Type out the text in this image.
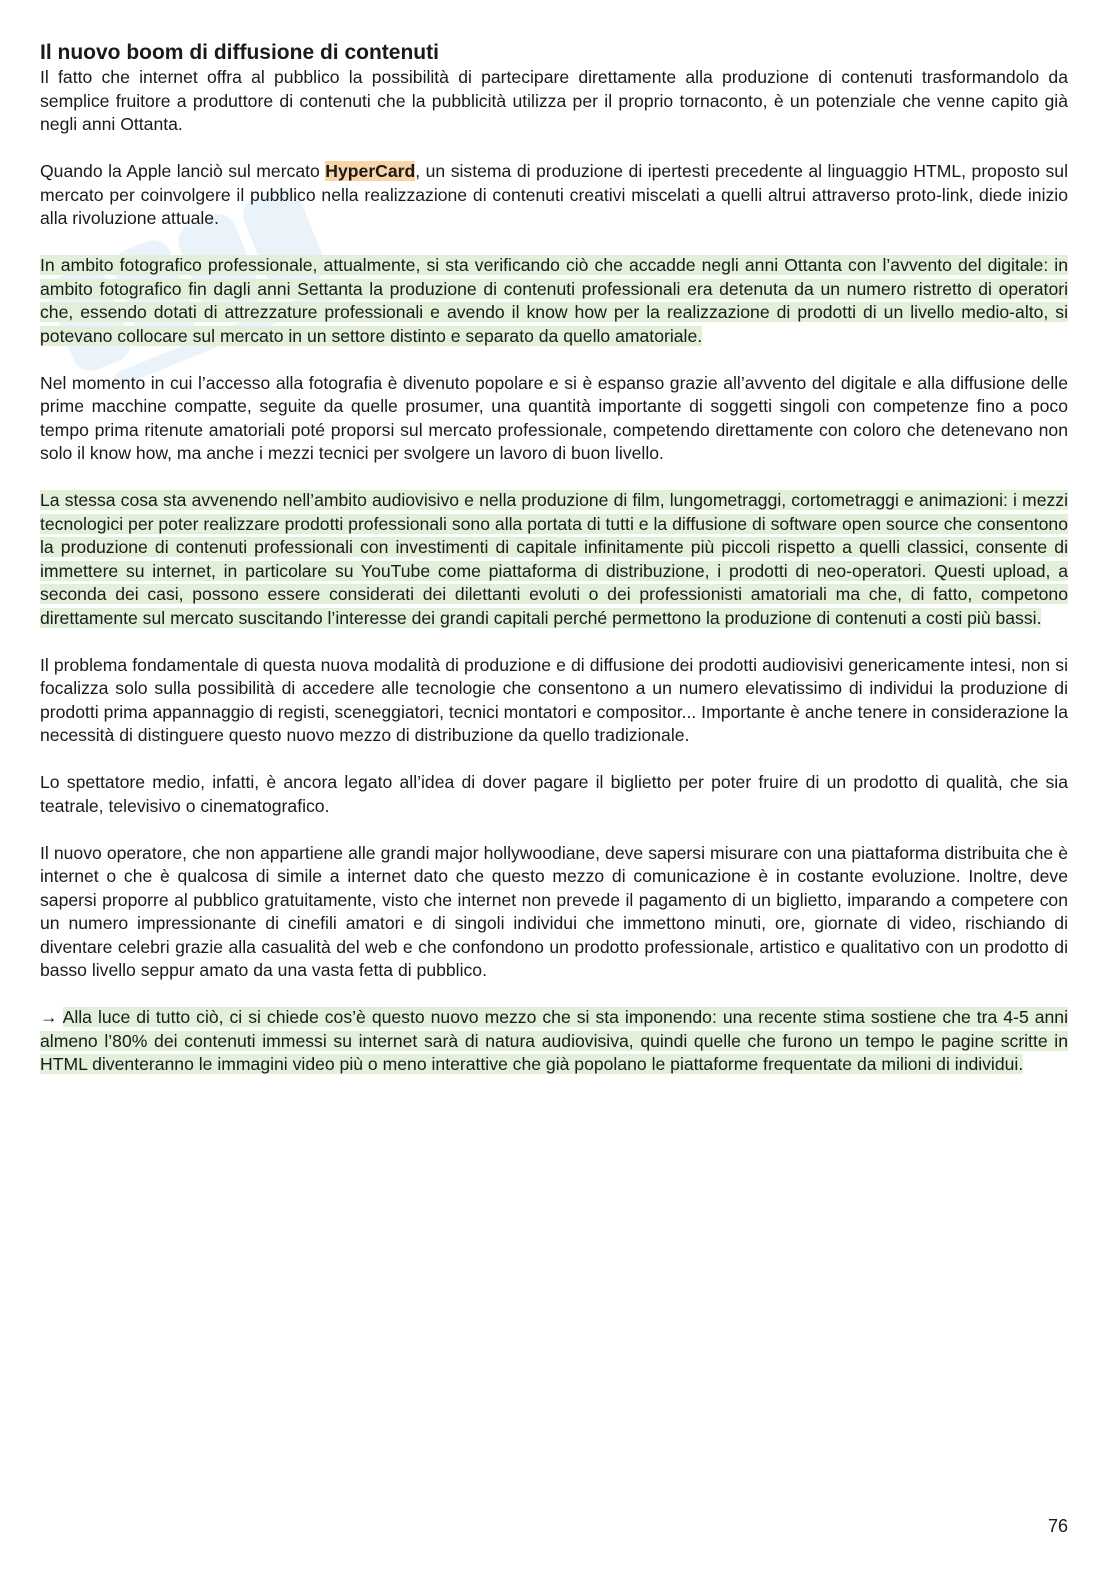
Il nuovo boom di diffusione di contenuti

Il fatto che internet offra al pubblico la possibilità di partecipare direttamente alla produzione di contenuti trasformandolo da semplice fruitore a produttore di contenuti che la pubblicità utilizza per il proprio tornaconto, è un potenziale che venne capito già negli anni Ottanta.

Quando la Apple lanciò sul mercato HyperCard, un sistema di produzione di ipertesti precedente al linguaggio HTML, proposto sul mercato per coinvolgere il pubblico nella realizzazione di contenuti creativi miscelati a quelli altrui attraverso proto-link, diede inizio alla rivoluzione attuale.

In ambito fotografico professionale, attualmente, si sta verificando ciò che accadde negli anni Ottanta con l’avvento del digitale: in ambito fotografico fin dagli anni Settanta la produzione di contenuti professionali era detenuta da un numero ristretto di operatori che, essendo dotati di attrezzature professionali e avendo il know how per la realizzazione di prodotti di un livello medio-alto, si potevano collocare sul mercato in un settore distinto e separato da quello amatoriale.

Nel momento in cui l’accesso alla fotografia è divenuto popolare e si è espanso grazie all’avvento del digitale e alla diffusione delle prime macchine compatte, seguite da quelle prosumer, una quantità importante di soggetti singoli con competenze fino a poco tempo prima ritenute amatoriali poté proporsi sul mercato professionale, competendo direttamente con coloro che detenevano non solo il know how, ma anche i mezzi tecnici per svolgere un lavoro di buon livello.

La stessa cosa sta avvenendo nell’ambito audiovisivo e nella produzione di film, lungometraggi, cortometraggi e animazioni: i mezzi tecnologici per poter realizzare prodotti professionali sono alla portata di tutti e la diffusione di software open source che consentono la produzione di contenuti professionali con investimenti di capitale infinitamente più piccoli rispetto a quelli classici, consente di immettere su internet, in particolare su YouTube come piattaforma di distribuzione, i prodotti di neo-operatori. Questi upload, a seconda dei casi, possono essere considerati dei dilettanti evoluti o dei professionisti amatoriali ma che, di fatto, competono direttamente sul mercato suscitando l’interesse dei grandi capitali perché permettono la produzione di contenuti a costi più bassi.

Il problema fondamentale di questa nuova modalità di produzione e di diffusione dei prodotti audiovisivi genericamente intesi, non si focalizza solo sulla possibilità di accedere alle tecnologie che consentono a un numero elevatissimo di individui la produzione di prodotti prima appannaggio di registi, sceneggiatori, tecnici montatori e compositor... Importante è anche tenere in considerazione la necessità di distinguere questo nuovo mezzo di distribuzione da quello tradizionale.

Lo spettatore medio, infatti, è ancora legato all’idea di dover pagare il biglietto per poter fruire di un prodotto di qualità, che sia teatrale, televisivo o cinematografico.

Il nuovo operatore, che non appartiene alle grandi major hollywoodiane, deve sapersi misurare con una piattaforma distribuita che è internet o che è qualcosa di simile a internet dato che questo mezzo di comunicazione è in costante evoluzione. Inoltre, deve sapersi proporre al pubblico gratuitamente, visto che internet non prevede il pagamento di un biglietto, imparando a competere con un numero impressionante di cinefili amatori e di singoli individui che immettono minuti, ore, giornate di video, rischiando di diventare celebri grazie alla casualità del web e che confondono un prodotto professionale, artistico e qualitativo con un prodotto di basso livello seppur amato da una vasta fetta di pubblico.

→ Alla luce di tutto ciò, ci si chiede cos’è questo nuovo mezzo che si sta imponendo: una recente stima sostiene che tra 4-5 anni almeno l’80% dei contenuti immessi su internet sarà di natura audiovisiva, quindi quelle che furono un tempo le pagine scritte in HTML diventeranno le immagini video più o meno interattive che già popolano le piattaforme frequentate da milioni di individui.

76
